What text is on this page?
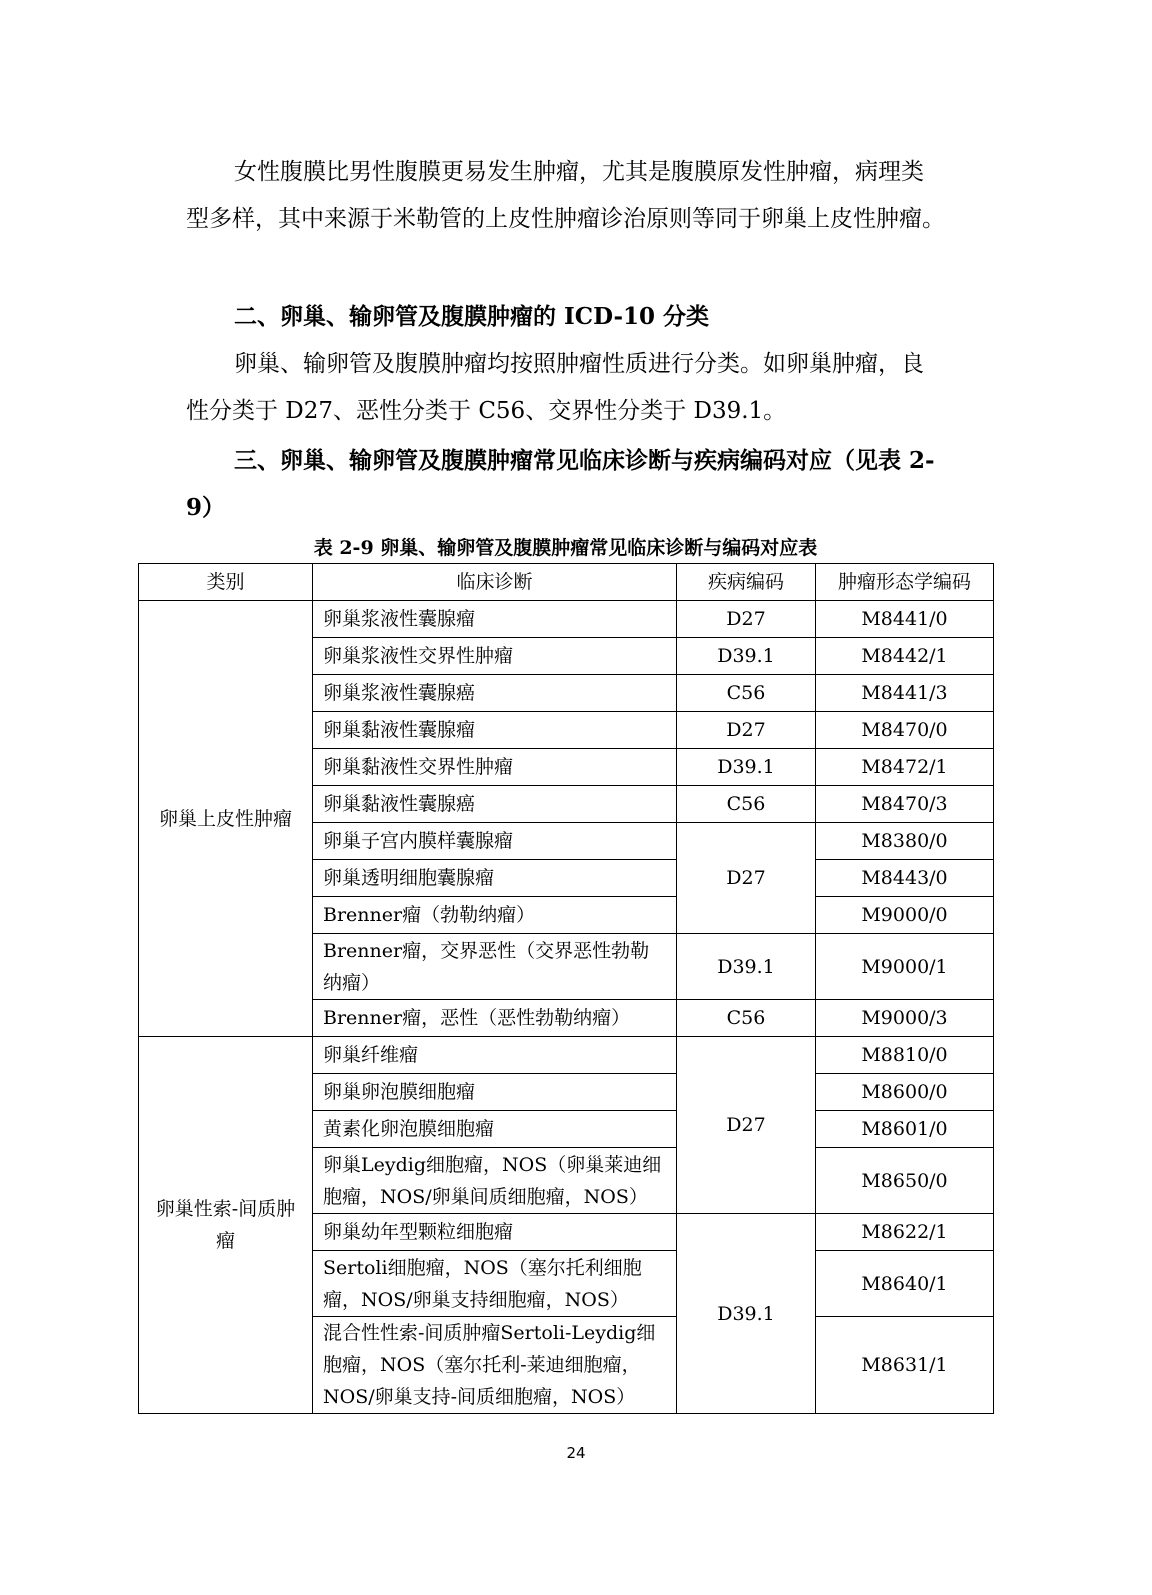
女性腹膜比男性腹膜更易发生肿瘤，尤其是腹膜原发性肿瘤，病理类型多样，其中来源于米勒管的上皮性肿瘤诊治原则等同于卵巢上皮性肿瘤。

二、卵巢、输卵管及腹膜肿瘤的 ICD-10 分类

卵巢、输卵管及腹膜肿瘤均按照肿瘤性质进行分类。如卵巢肿瘤，良性分类于 D27、恶性分类于 C56、交界性分类于 D39.1。

三、卵巢、输卵管及腹膜肿瘤常见临床诊断与疾病编码对应（见表 2-9）

表 2-9 卵巢、输卵管及腹膜肿瘤常见临床诊断与编码对应表
类别	临床诊断	疾病编码	肿瘤形态学编码
卵巢上皮性肿瘤	卵巢浆液性囊腺瘤	D27	M8441/0
	卵巢浆液性交界性肿瘤	D39.1	M8442/1
	卵巢浆液性囊腺癌	C56	M8441/3
	卵巢黏液性囊腺瘤	D27	M8470/0
	卵巢黏液性交界性肿瘤	D39.1	M8472/1
	卵巢黏液性囊腺癌	C56	M8470/3
	卵巢子宫内膜样囊腺瘤	D27	M8380/0
	卵巢透明细胞囊腺瘤		M8443/0
	Brenner瘤（勃勒纳瘤）		M9000/0
	Brenner瘤，交界恶性（交界恶性勃勒纳瘤）	D39.1	M9000/1
	Brenner瘤，恶性（恶性勃勒纳瘤）	C56	M9000/3
卵巢性索-间质肿瘤	卵巢纤维瘤	D27	M8810/0
	卵巢卵泡膜细胞瘤		M8600/0
	黄素化卵泡膜细胞瘤		M8601/0
	卵巢Leydig细胞瘤，NOS（卵巢莱迪细胞瘤，NOS/卵巢间质细胞瘤，NOS）		M8650/0
	卵巢幼年型颗粒细胞瘤	D39.1	M8622/1
	Sertoli细胞瘤，NOS（塞尔托利细胞瘤，NOS/卵巢支持细胞瘤，NOS）		M8640/1
	混合性性索-间质肿瘤Sertoli-Leydig细胞瘤，NOS（塞尔托利-莱迪细胞瘤，NOS/卵巢支持-间质细胞瘤，NOS）		M8631/1
24
